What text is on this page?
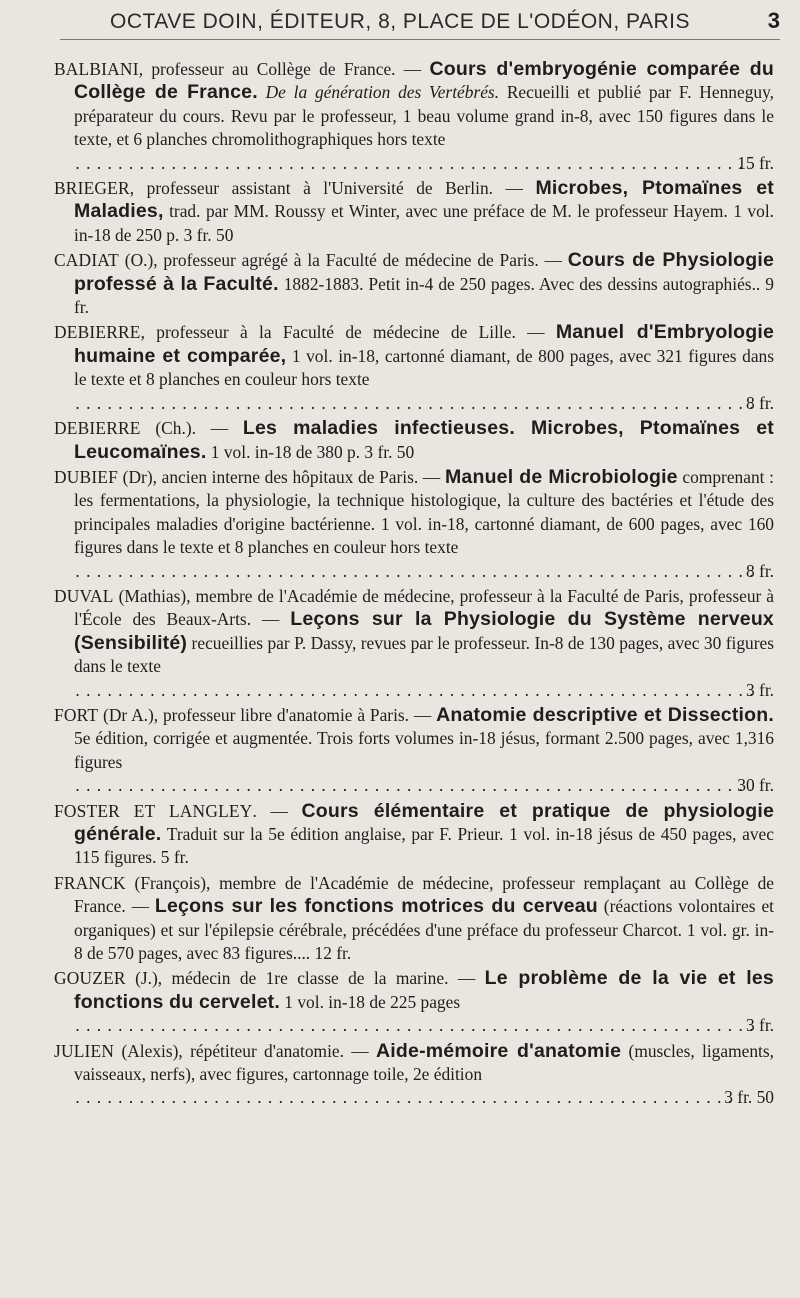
OCTAVE DOIN, ÉDITEUR, 8, PLACE DE L'ODÉON, PARIS	3

BALBIANI, professeur au Collège de France. — Cours d'embryogénie comparée du Collège de France. De la génération des Vertébrés. Recueilli et publié par F. Henneguy, préparateur du cours. Revu par le professeur, 1 beau volume grand in-8, avec 150 figures dans le texte, et 6 planches chromolithographiques hors texte
. . .
15 fr.

BRIEGER, professeur assistant à l'Université de Berlin. — Microbes, Ptomaïnes et Maladies, trad. par MM. Roussy et Winter, avec une préface de M. le professeur Hayem. 1 vol. in-18 de 250 p. 3 fr. 50

CADIAT (O.), professeur agrégé à la Faculté de médecine de Paris. — Cours de Physiologie professé à la Faculté. 1882-1883. Petit in-4 de 250 pages. Avec des dessins autographiés.. 9 fr.

DEBIERRE, professeur à la Faculté de médecine de Lille. — Manuel d'Embryologie humaine et comparée, 1 vol. in-18, cartonné diamant, de 800 pages, avec 321 figures dans le texte et 8 planches en couleur hors texte
. . .
8 fr.

DEBIERRE (Ch.). — Les maladies infectieuses. Microbes, Ptomaïnes et Leucomaïnes. 1 vol. in-18 de 380 p. 3 fr. 50

DUBIEF (Dr), ancien interne des hôpitaux de Paris. — Manuel de Microbiologie comprenant : les fermentations, la physiologie, la technique histologique, la culture des bactéries et l'étude des principales maladies d'origine bactérienne. 1 vol. in-18, cartonné diamant, de 600 pages, avec 160 figures dans le texte et 8 planches en couleur hors texte
. . .
8 fr.

DUVAL (Mathias), membre de l'Académie de médecine, professeur à la Faculté de Paris, professeur à l'École des Beaux-Arts. — Leçons sur la Physiologie du Système nerveux (Sensibilité) recueillies par P. Dassy, revues par le professeur. In-8 de 130 pages, avec 30 figures dans le texte
. . .
3 fr.

FORT (Dr A.), professeur libre d'anatomie à Paris. — Anatomie descriptive et Dissection. 5e édition, corrigée et augmentée. Trois forts volumes in-18 jésus, formant 2.500 pages, avec 1,316 figures
. . .
30 fr.

FOSTER ET LANGLEY. — Cours élémentaire et pratique de physiologie générale. Traduit sur la 5e édition anglaise, par F. Prieur. 1 vol. in-18 jésus de 450 pages, avec 115 figures. 5 fr.

FRANCK (François), membre de l'Académie de médecine, professeur remplaçant au Collège de France. — Leçons sur les fonctions motrices du cerveau (réactions volontaires et organiques) et sur l'épilepsie cérébrale, précédées d'une préface du professeur Charcot. 1 vol. gr. in-8 de 570 pages, avec 83 figures.... 12 fr.

GOUZER (J.), médecin de 1re classe de la marine. — Le problème de la vie et les fonctions du cervelet. 1 vol. in-18 de 225 pages
. . .
3 fr.

JULIEN (Alexis), répétiteur d'anatomie. — Aide-mémoire d'anatomie (muscles, ligaments, vaisseaux, nerfs), avec figures, cartonnage toile, 2e édition
. . .
3 fr. 50
